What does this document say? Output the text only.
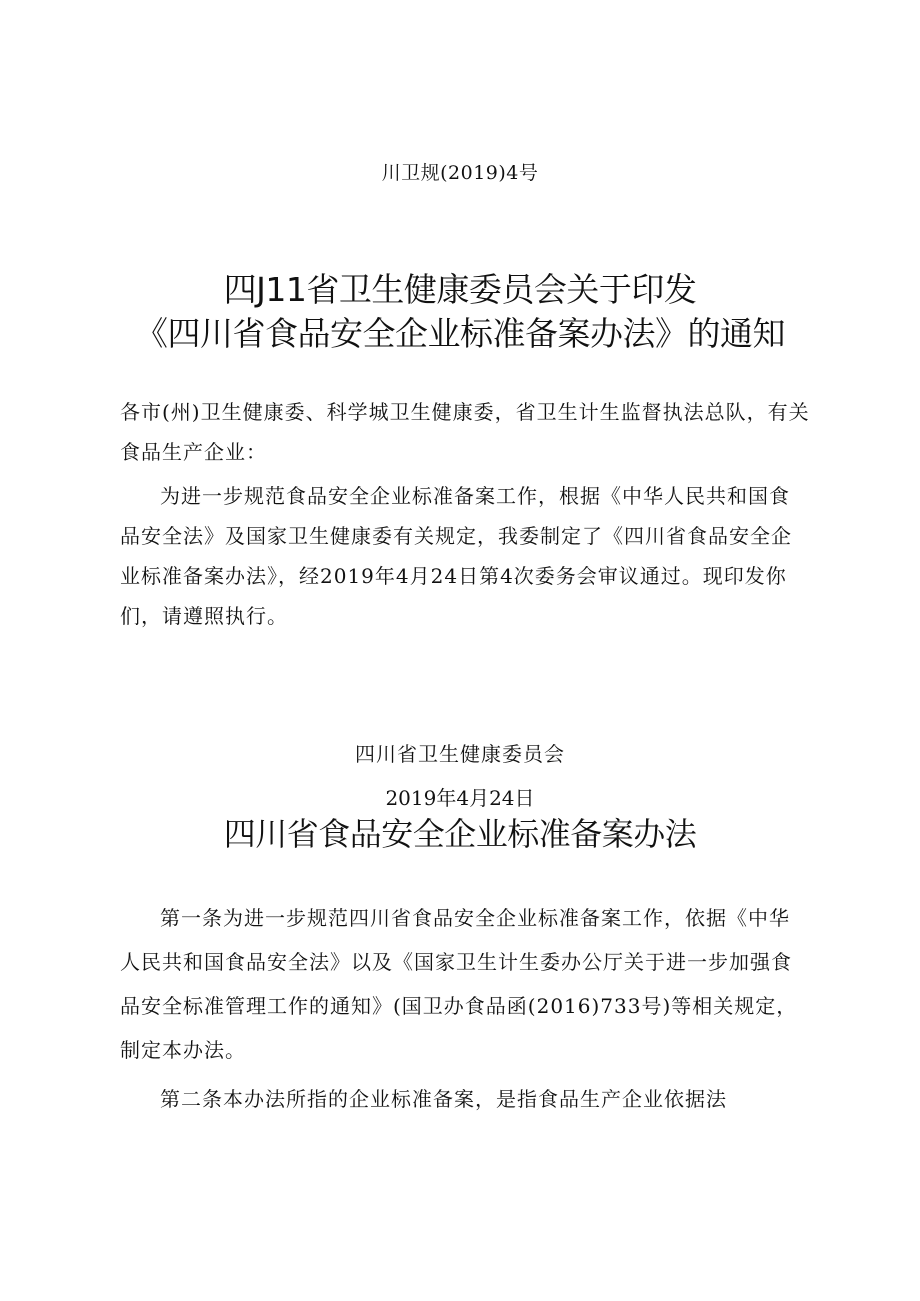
川卫规(2019)4号
四J11省卫生健康委员会关于印发
《四川省食品安全企业标准备案办法》的通知

各市(州)卫生健康委、科学城卫生健康委，省卫生计生监督执法总队，有关食品生产企业：

为进一步规范食品安全企业标准备案工作，根据《中华人民共和国食品安全法》及国家卫生健康委有关规定，我委制定了《四川省食品安全企业标准备案办法》，经2019年4月24日第4次委务会审议通过。现印发你们，请遵照执行。

四川省卫生健康委员会
2019年4月24日
四川省食品安全企业标准备案办法

第一条为进一步规范四川省食品安全企业标准备案工作，依据《中华人民共和国食品安全法》以及《国家卫生计生委办公厅关于进一步加强食品安全标准管理工作的通知》(国卫办食品函(2016)733号)等相关规定，制定本办法。

第二条本办法所指的企业标准备案，是指食品生产企业依据法
